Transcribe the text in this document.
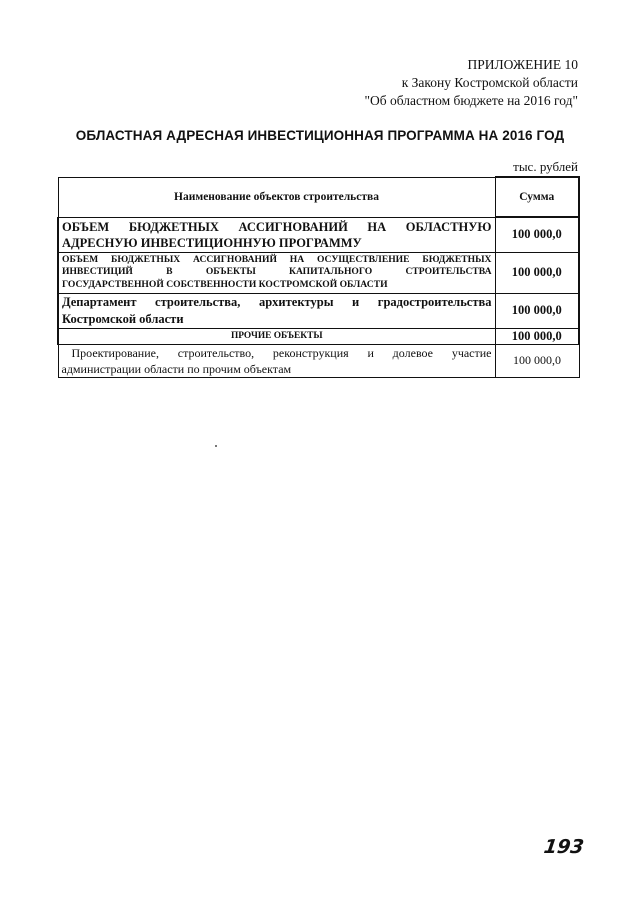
ПРИЛОЖЕНИЕ 10
к Закону Костромской области
"Об областном бюджете на 2016 год"
ОБЛАСТНАЯ АДРЕСНАЯ ИНВЕСТИЦИОННАЯ ПРОГРАММА НА 2016 ГОД
тыс. рублей
Наименование объектов строительства	Сумма

ОБЪЕМ БЮДЖЕТНЫХ АССИГНОВАНИЙ НА ОБЛАСТНУЮ
АДРЕСНУЮ ИНВЕСТИЦИОННУЮ ПРОГРАММУ	100 000,0

ОБЪЕМ БЮДЖЕТНЫХ АССИГНОВАНИЙ НА ОСУЩЕСТВЛЕНИЕ БЮДЖЕТНЫХ
ИНВЕСТИЦИЙ В ОБЪЕКТЫ КАПИТАЛЬНОГО СТРОИТЕЛЬСТВА
ГОСУДАРСТВЕННОЙ СОБСТВЕННОСТИ КОСТРОМСКОЙ ОБЛАСТИ	100 000,0

Департамент строительства, архитектуры и градостроительства
Костромской области	100 000,0
ПРОЧИЕ ОБЪЕКТЫ	100 000,0

Проектирование, строительство, реконструкция и долевое участие
администрации области по прочим объектам	100 000,0
193
